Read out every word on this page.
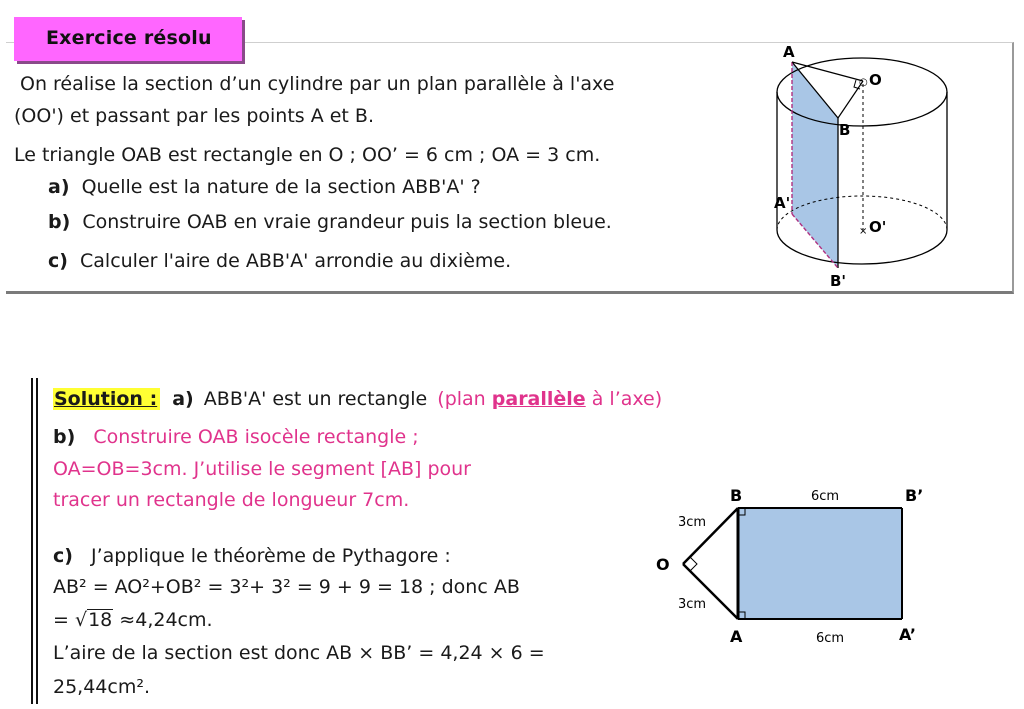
Exercice résolu
On réalise la section d’un cylindre par un plan parallèle à l'axe
(OO') et passant par les points A et B.
Le triangle OAB est rectangle en O ; OO’ = 6 cm ; OA = 3 cm.
a) Quelle est la nature de la section ABB'A' ?
b) Construire OAB en vraie grandeur puis la section bleue.
c) Calculer l'aire de ABB'A' arrondie au dixième.
○
×
A
O
B
A'
O'
B'
Solution : a) ABB'A' est un rectangle (plan parallèle à l’axe)
b) Construire OAB isocèle rectangle ;
OA=OB=3cm. J’utilise le segment [AB] pour
tracer un rectangle de longueur 7cm.
c) J’applique le théorème de Pythagore :
AB² = AO²+OB² = 3²+ 3² = 9 + 9 = 18 ; donc AB
= √18 ≈4,24cm.
L’aire de la section est donc AB × BB’ = 4,24 × 6 =
25,44cm².
B	B’
O
A	A’
6cm
6cm
3cm
3cm
